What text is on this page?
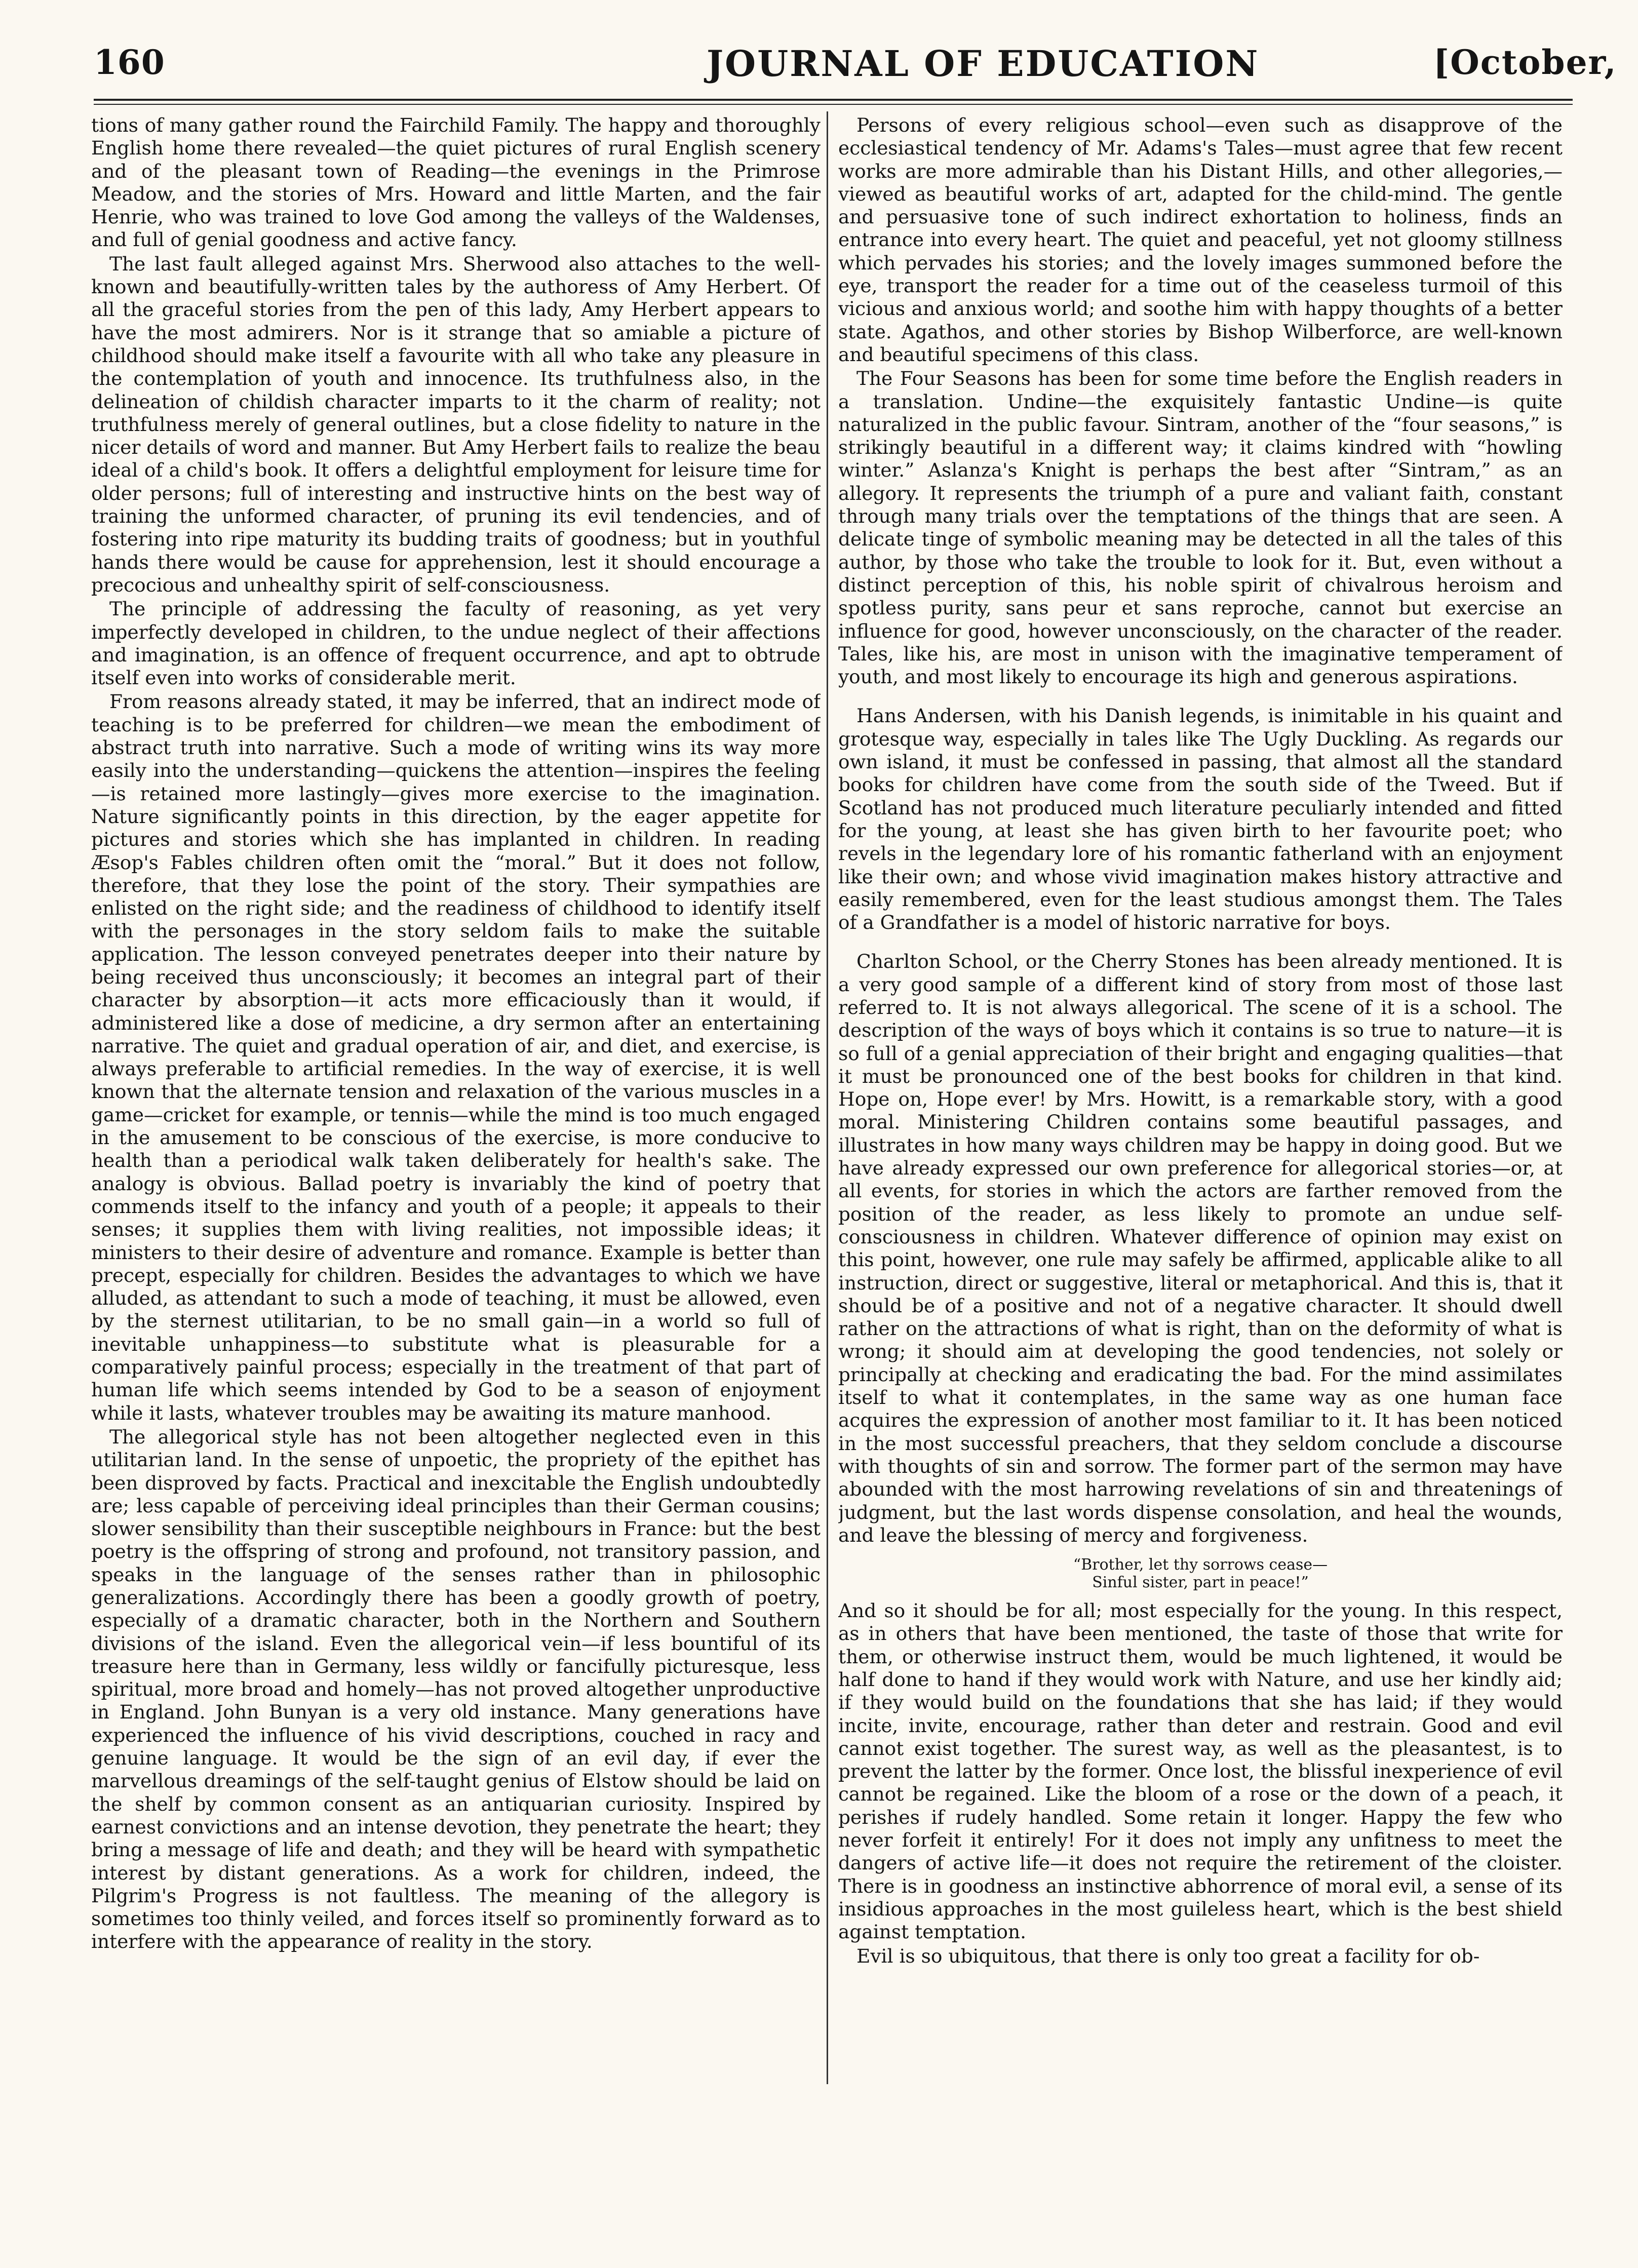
160	JOURNAL OF EDUCATION	[October,

tions of many gather round the Fairchild Family. The happy and thoroughly English home there revealed—the quiet pictures of rural English scenery and of the pleasant town of Reading—the evenings in the Primrose Meadow, and the stories of Mrs. Howard and little Marten, and the fair Henrie, who was trained to love God among the valleys of the Waldenses, and full of genial goodness and active fancy.

The last fault alleged against Mrs. Sherwood also attaches to the well-known and beautifully-written tales by the authoress of Amy Herbert. Of all the graceful stories from the pen of this lady, Amy Herbert appears to have the most admirers. Nor is it strange that so amiable a picture of childhood should make itself a favourite with all who take any pleasure in the contemplation of youth and innocence. Its truthfulness also, in the delineation of childish character imparts to it the charm of reality; not truthfulness merely of general outlines, but a close fidelity to nature in the nicer details of word and manner. But Amy Herbert fails to realize the beau ideal of a child's book. It offers a delightful employment for leisure time for older persons; full of interesting and instructive hints on the best way of training the unformed character, of pruning its evil tendencies, and of fostering into ripe maturity its budding traits of goodness; but in youthful hands there would be cause for apprehension, lest it should encourage a precocious and unhealthy spirit of self-consciousness.

The principle of addressing the faculty of reasoning, as yet very imperfectly developed in children, to the undue neglect of their affections and imagination, is an offence of frequent occurrence, and apt to obtrude itself even into works of considerable merit.

From reasons already stated, it may be inferred, that an indirect mode of teaching is to be preferred for children—we mean the embodiment of abstract truth into narrative. Such a mode of writing wins its way more easily into the understanding—quickens the attention—inspires the feeling—is retained more lastingly—gives more exercise to the imagination. Nature significantly points in this direction, by the eager appetite for pictures and stories which she has implanted in children. In reading Æsop's Fables children often omit the “moral.” But it does not follow, therefore, that they lose the point of the story. Their sympathies are enlisted on the right side; and the readiness of childhood to identify itself with the personages in the story seldom fails to make the suitable application. The lesson conveyed penetrates deeper into their nature by being received thus unconsciously; it becomes an integral part of their character by absorption—it acts more efficaciously than it would, if administered like a dose of medicine, a dry sermon after an entertaining narrative. The quiet and gradual operation of air, and diet, and exercise, is always preferable to artificial remedies. In the way of exercise, it is well known that the alternate tension and relaxation of the various muscles in a game—cricket for example, or tennis—while the mind is too much engaged in the amusement to be conscious of the exercise, is more conducive to health than a periodical walk taken deliberately for health's sake. The analogy is obvious. Ballad poetry is invariably the kind of poetry that commends itself to the infancy and youth of a people; it appeals to their senses; it supplies them with living realities, not impossible ideas; it ministers to their desire of adventure and romance. Example is better than precept, especially for children. Besides the advantages to which we have alluded, as attendant to such a mode of teaching, it must be allowed, even by the sternest utilitarian, to be no small gain—in a world so full of inevitable unhappiness—to substitute what is pleasurable for a comparatively painful process; especially in the treatment of that part of human life which seems intended by God to be a season of enjoyment while it lasts, whatever troubles may be awaiting its mature manhood.

The allegorical style has not been altogether neglected even in this utilitarian land. In the sense of unpoetic, the propriety of the epithet has been disproved by facts. Practical and inexcitable the English undoubtedly are; less capable of perceiving ideal principles than their German cousins; slower sensibility than their susceptible neighbours in France: but the best poetry is the offspring of strong and profound, not transitory passion, and speaks in the language of the senses rather than in philosophic generalizations. Accordingly there has been a goodly growth of poetry, especially of a dramatic character, both in the Northern and Southern divisions of the island. Even the allegorical vein—if less bountiful of its treasure here than in Germany, less wildly or fancifully picturesque, less spiritual, more broad and homely—has not proved altogether unproductive in England. John Bunyan is a very old instance. Many generations have experienced the influence of his vivid descriptions, couched in racy and genuine language. It would be the sign of an evil day, if ever the marvellous dreamings of the self-taught genius of Elstow should be laid on the shelf by common consent as an antiquarian curiosity. Inspired by earnest convictions and an intense devotion, they penetrate the heart; they bring a message of life and death; and they will be heard with sympathetic interest by distant generations. As a work for children, indeed, the Pilgrim's Progress is not faultless. The meaning of the allegory is sometimes too thinly veiled, and forces itself so prominently forward as to interfere with the appearance of reality in the story.

Persons of every religious school—even such as disapprove of the ecclesiastical tendency of Mr. Adams's Tales—must agree that few recent works are more admirable than his Distant Hills, and other allegories,—viewed as beautiful works of art, adapted for the child-mind. The gentle and persuasive tone of such indirect exhortation to holiness, finds an entrance into every heart. The quiet and peaceful, yet not gloomy stillness which pervades his stories; and the lovely images summoned before the eye, transport the reader for a time out of the ceaseless turmoil of this vicious and anxious world; and soothe him with happy thoughts of a better state. Agathos, and other stories by Bishop Wilberforce, are well-known and beautiful specimens of this class.

The Four Seasons has been for some time before the English readers in a translation. Undine—the exquisitely fantastic Undine—is quite naturalized in the public favour. Sintram, another of the “four seasons,” is strikingly beautiful in a different way; it claims kindred with “howling winter.” Aslanza's Knight is perhaps the best after “Sintram,” as an allegory. It represents the triumph of a pure and valiant faith, constant through many trials over the temptations of the things that are seen. A delicate tinge of symbolic meaning may be detected in all the tales of this author, by those who take the trouble to look for it. But, even without a distinct perception of this, his noble spirit of chivalrous heroism and spotless purity, sans peur et sans reproche, cannot but exercise an influence for good, however unconsciously, on the character of the reader. Tales, like his, are most in unison with the imaginative temperament of youth, and most likely to encourage its high and generous aspirations.

Hans Andersen, with his Danish legends, is inimitable in his quaint and grotesque way, especially in tales like The Ugly Duckling. As regards our own island, it must be confessed in passing, that almost all the standard books for children have come from the south side of the Tweed. But if Scotland has not produced much literature peculiarly intended and fitted for the young, at least she has given birth to her favourite poet; who revels in the legendary lore of his romantic fatherland with an enjoyment like their own; and whose vivid imagination makes history attractive and easily remembered, even for the least studious amongst them. The Tales of a Grandfather is a model of historic narrative for boys.

Charlton School, or the Cherry Stones has been already mentioned. It is a very good sample of a different kind of story from most of those last referred to. It is not always allegorical. The scene of it is a school. The description of the ways of boys which it contains is so true to nature—it is so full of a genial appreciation of their bright and engaging qualities—that it must be pronounced one of the best books for children in that kind. Hope on, Hope ever! by Mrs. Howitt, is a remarkable story, with a good moral. Ministering Children contains some beautiful passages, and illustrates in how many ways children may be happy in doing good. But we have already expressed our own preference for allegorical stories—or, at all events, for stories in which the actors are farther removed from the position of the reader, as less likely to promote an undue self-consciousness in children. Whatever difference of opinion may exist on this point, however, one rule may safely be affirmed, applicable alike to all instruction, direct or suggestive, literal or metaphorical. And this is, that it should be of a positive and not of a negative character. It should dwell rather on the attractions of what is right, than on the deformity of what is wrong; it should aim at developing the good tendencies, not solely or principally at checking and eradicating the bad. For the mind assimilates itself to what it contemplates, in the same way as one human face acquires the expression of another most familiar to it. It has been noticed in the most successful preachers, that they seldom conclude a discourse with thoughts of sin and sorrow. The former part of the sermon may have abounded with the most harrowing revelations of sin and threatenings of judgment, but the last words dispense consolation, and heal the wounds, and leave the blessing of mercy and forgiveness.

“Brother, let thy sorrows cease—
Sinful sister, part in peace!”

And so it should be for all; most especially for the young. In this respect, as in others that have been mentioned, the taste of those that write for them, or otherwise instruct them, would be much lightened, it would be half done to hand if they would work with Nature, and use her kindly aid; if they would build on the foundations that she has laid; if they would incite, invite, encourage, rather than deter and restrain. Good and evil cannot exist together. The surest way, as well as the pleasantest, is to prevent the latter by the former. Once lost, the blissful inexperience of evil cannot be regained. Like the bloom of a rose or the down of a peach, it perishes if rudely handled. Some retain it longer. Happy the few who never forfeit it entirely! For it does not imply any unfitness to meet the dangers of active life—it does not require the retirement of the cloister. There is in goodness an instinctive abhorrence of moral evil, a sense of its insidious approaches in the most guileless heart, which is the best shield against temptation.

Evil is so ubiquitous, that there is only too great a facility for ob-
